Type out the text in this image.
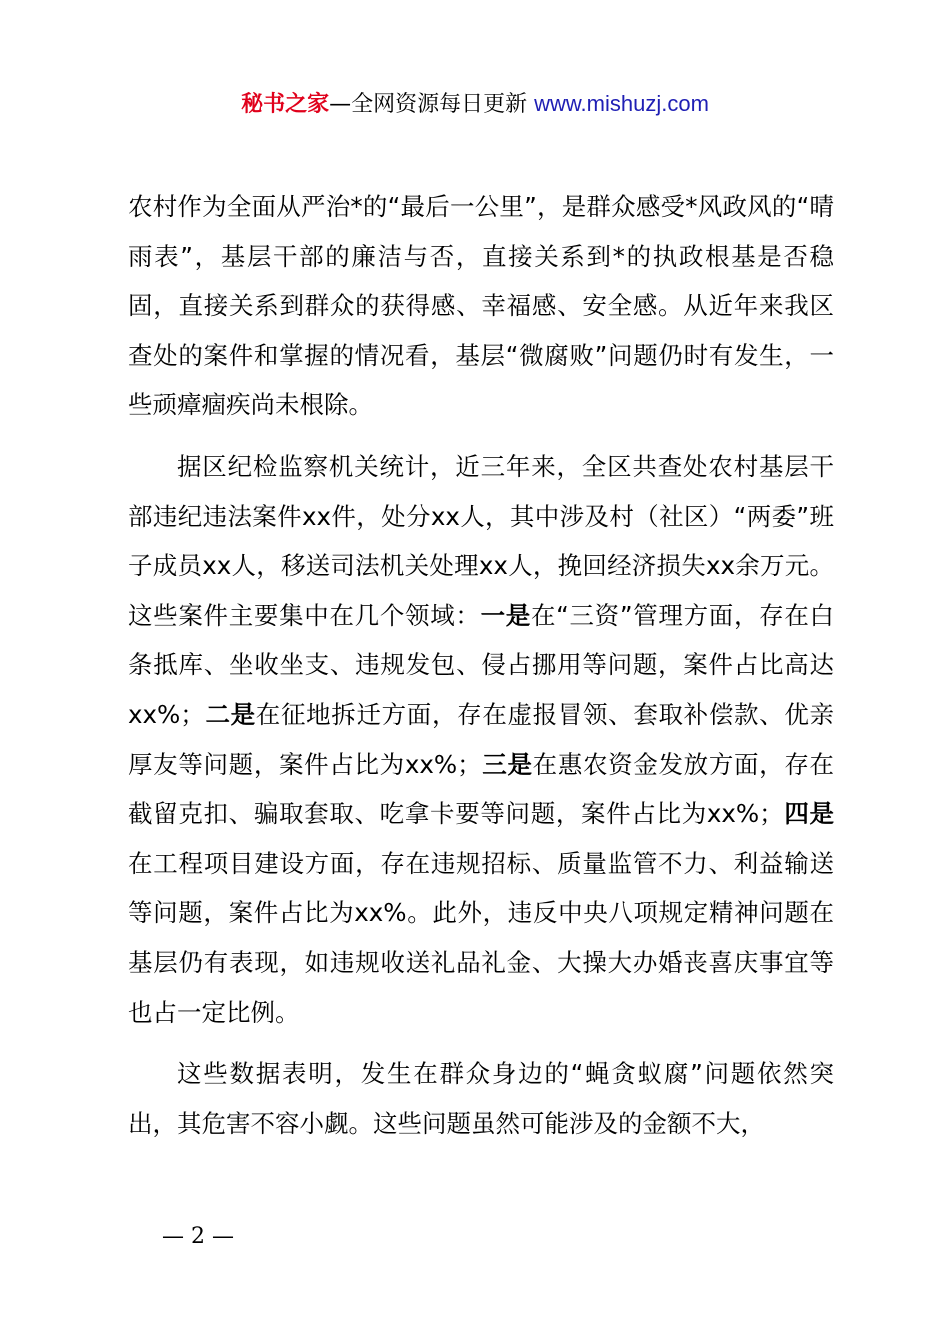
秘书之家—全网资源每日更新 www.mishuzj.com

农村作为全面从严治*的“最后一公里”，是群众感受*风政风的“晴雨表”，基层干部的廉洁与否，直接关系到*的执政根基是否稳固，直接关系到群众的获得感、幸福感、安全感。从近年来我区查处的案件和掌握的情况看，基层“微腐败”问题仍时有发生，一些顽瘴痼疾尚未根除。

据区纪检监察机关统计，近三年来，全区共查处农村基层干部违纪违法案件xx件，处分xx人，其中涉及村（社区）“两委”班子成员xx人，移送司法机关处理xx人，挽回经济损失xx余万元。这些案件主要集中在几个领域：一是在“三资”管理方面，存在白条抵库、坐收坐支、违规发包、侵占挪用等问题，案件占比高达xx%；二是在征地拆迁方面，存在虚报冒领、套取补偿款、优亲厚友等问题，案件占比为xx%；三是在惠农资金发放方面，存在截留克扣、骗取套取、吃拿卡要等问题，案件占比为xx%；四是在工程项目建设方面，存在违规招标、质量监管不力、利益输送等问题，案件占比为xx%。此外，违反中央八项规定精神问题在基层仍有表现，如违规收送礼品礼金、大操大办婚丧喜庆事宜等也占一定比例。

这些数据表明，发生在群众身边的“蝇贪蚁腐”问题依然突出，其危害不容小觑。这些问题虽然可能涉及的金额不大，

— 2 —
